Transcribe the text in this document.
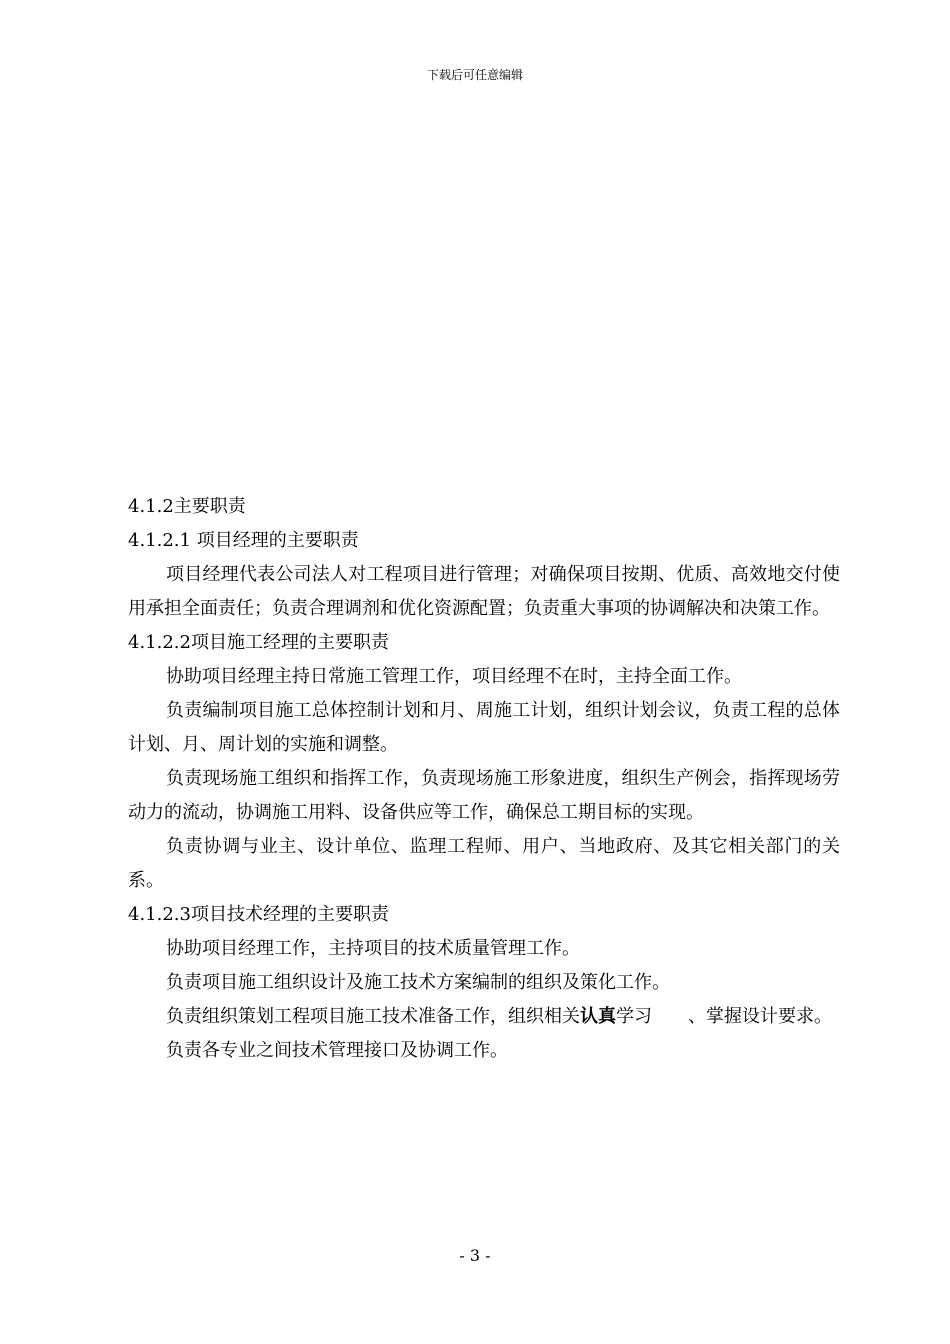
下载后可任意编辑
4.1.2主要职责
4.1.2.1 项目经理的主要职责

项目经理代表公司法人对工程项目进行管理；对确保项目按期、优质、高效地交付使用承担全面责任；负责合理调剂和优化资源配置；负责重大事项的协调解决和决策工作。

4.1.2.2项目施工经理的主要职责

协助项目经理主持日常施工管理工作，项目经理不在时，主持全面工作。

负责编制项目施工总体控制计划和月、周施工计划，组织计划会议，负责工程的总体计划、月、周计划的实施和调整。

负责现场施工组织和指挥工作，负责现场施工形象进度，组织生产例会，指挥现场劳动力的流动，协调施工用料、设备供应等工作，确保总工期目标的实现。

负责协调与业主、设计单位、监理工程师、用户、当地政府、及其它相关部门的关系。

4.1.2.3项目技术经理的主要职责

协助项目经理工作，主持项目的技术质量管理工作。

负责项目施工组织设计及施工技术方案编制的组织及策化工作。

负责组织策划工程项目施工技术准备工作，组织相关认真学习   、掌握设计要求。

负责各专业之间技术管理接口及协调工作。

- 3 -
